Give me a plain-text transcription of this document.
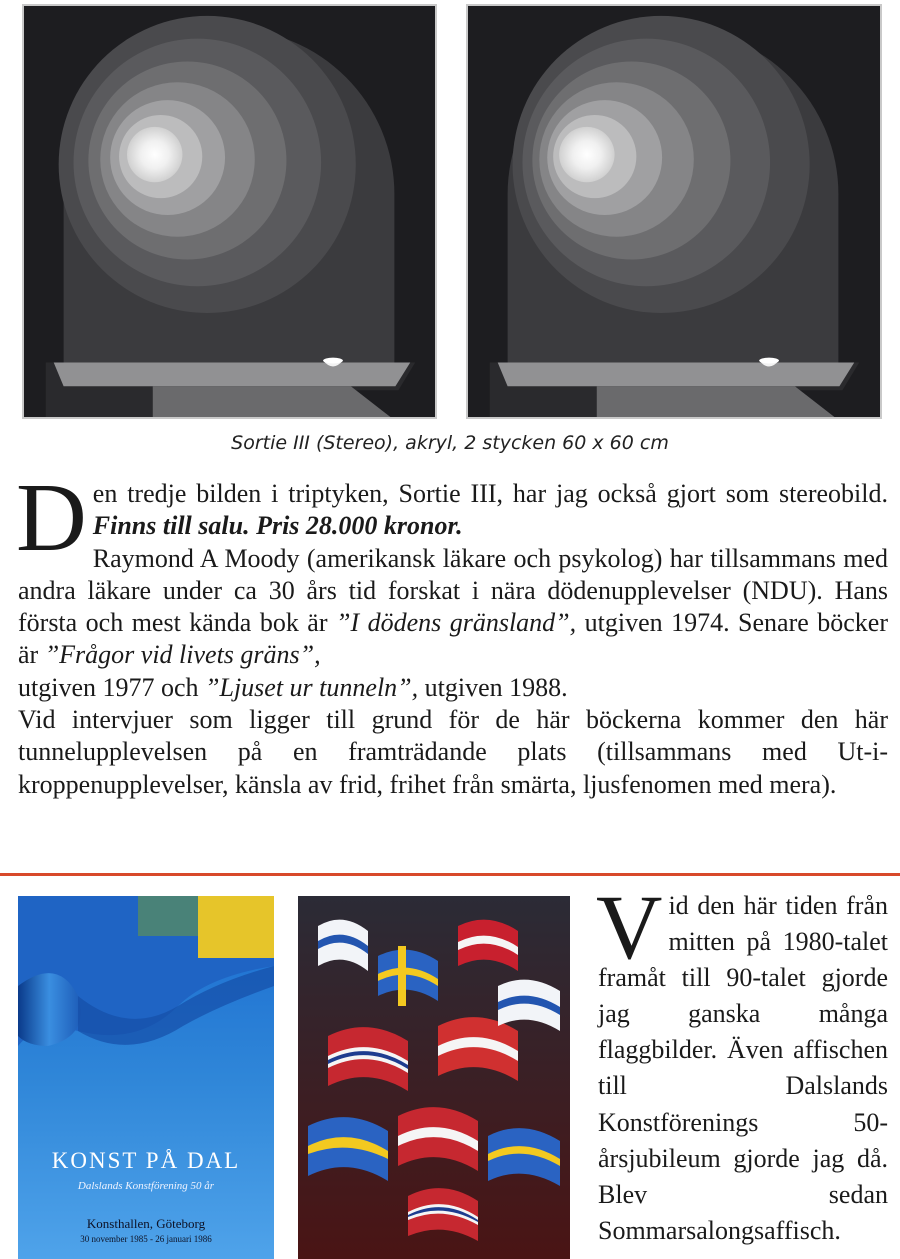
Sortie III (Stereo), akryl, 2 stycken 60 x 60 cm
D en tredje bilden i triptyken, Sortie III, har jag också gjort som stereobild. Finns till salu. Pris 28.000 kronor.

Raymond A Moody (amerikansk läkare och psykolog) har tillsammans med andra läkare under ca 30 års tid forskat i nära dödenupplevelser (NDU). Hans första och mest kända bok är ”I dödens gränsland”, utgiven 1974. Senare böcker är ”Frågor vid livets gräns”,
utgiven 1977 och ”Ljuset ur tunneln”, utgiven 1988.

Vid intervjuer som ligger till grund för de här böckerna kommer den här tunnelupplevelsen på en framträdande plats (tillsammans med Ut-i-kroppenupplevelser, känsla av frid, frihet från smärta, ljusfenomen med mera).

KONST PÅ DAL
Dalslands Konstförening 50 år
Konsthallen, Göteborg
30 november 1985 - 26 januari 1986
V id den här tiden från mitten på 1980-talet framåt till 90-talet gjorde jag ganska många flaggbilder. Även affischen till Dalslands Konstförenings 50-årsjubileum gjorde jag då. Blev sedan Sommarsalongsaffisch.
